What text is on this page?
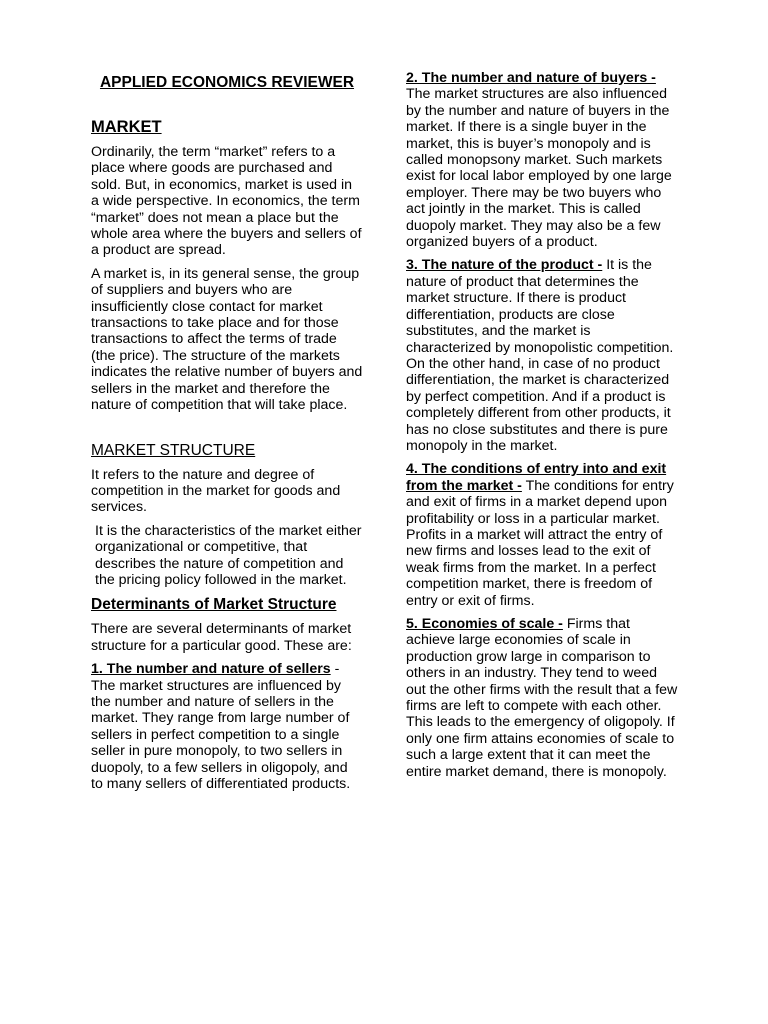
APPLIED ECONOMICS REVIEWER
MARKET

Ordinarily, the term “market” refers to a place where goods are purchased and sold. But, in economics, market is used in a wide perspective. In economics, the term “market” does not mean a place but the whole area where the buyers and sellers of a product are spread.

A market is, in its general sense, the group of suppliers and buyers who are insufficiently close contact for market transactions to take place and for those transactions to affect the terms of trade (the price). The structure of the markets indicates the relative number of buyers and sellers in the market and therefore the nature of competition that will take place.

MARKET STRUCTURE

It refers to the nature and degree of competition in the market for goods and services.

It is the characteristics of the market either organizational or competitive, that describes the nature of competition and the pricing policy followed in the market.

Determinants of Market Structure

There are several determinants of market structure for a particular good. These are:

1. The number and nature of sellers - The market structures are influenced by the number and nature of sellers in the market. They range from large number of sellers in perfect competition to a single seller in pure monopoly, to two sellers in duopoly, to a few sellers in oligopoly, and to many sellers of differentiated products.

2. The number and nature of buyers - The market structures are also influenced by the number and nature of buyers in the market. If there is a single buyer in the market, this is buyer’s monopoly and is called monopsony market. Such markets exist for local labor employed by one large employer. There may be two buyers who act jointly in the market. This is called duopoly market. They may also be a few organized buyers of a product.

3. The nature of the product - It is the nature of product that determines the market structure. If there is product differentiation, products are close substitutes, and the market is characterized by monopolistic competition. On the other hand, in case of no product differentiation, the market is characterized by perfect competition. And if a product is completely different from other products, it has no close substitutes and there is pure monopoly in the market.

4. The conditions of entry into and exit from the market - The conditions for entry and exit of firms in a market depend upon profitability or loss in a particular market. Profits in a market will attract the entry of new firms and losses lead to the exit of weak firms from the market. In a perfect competition market, there is freedom of entry or exit of firms.

5. Economies of scale - Firms that achieve large economies of scale in production grow large in comparison to others in an industry. They tend to weed out the other firms with the result that a few firms are left to compete with each other. This leads to the emergency of oligopoly. If only one firm attains economies of scale to such a large extent that it can meet the entire market demand, there is monopoly.
